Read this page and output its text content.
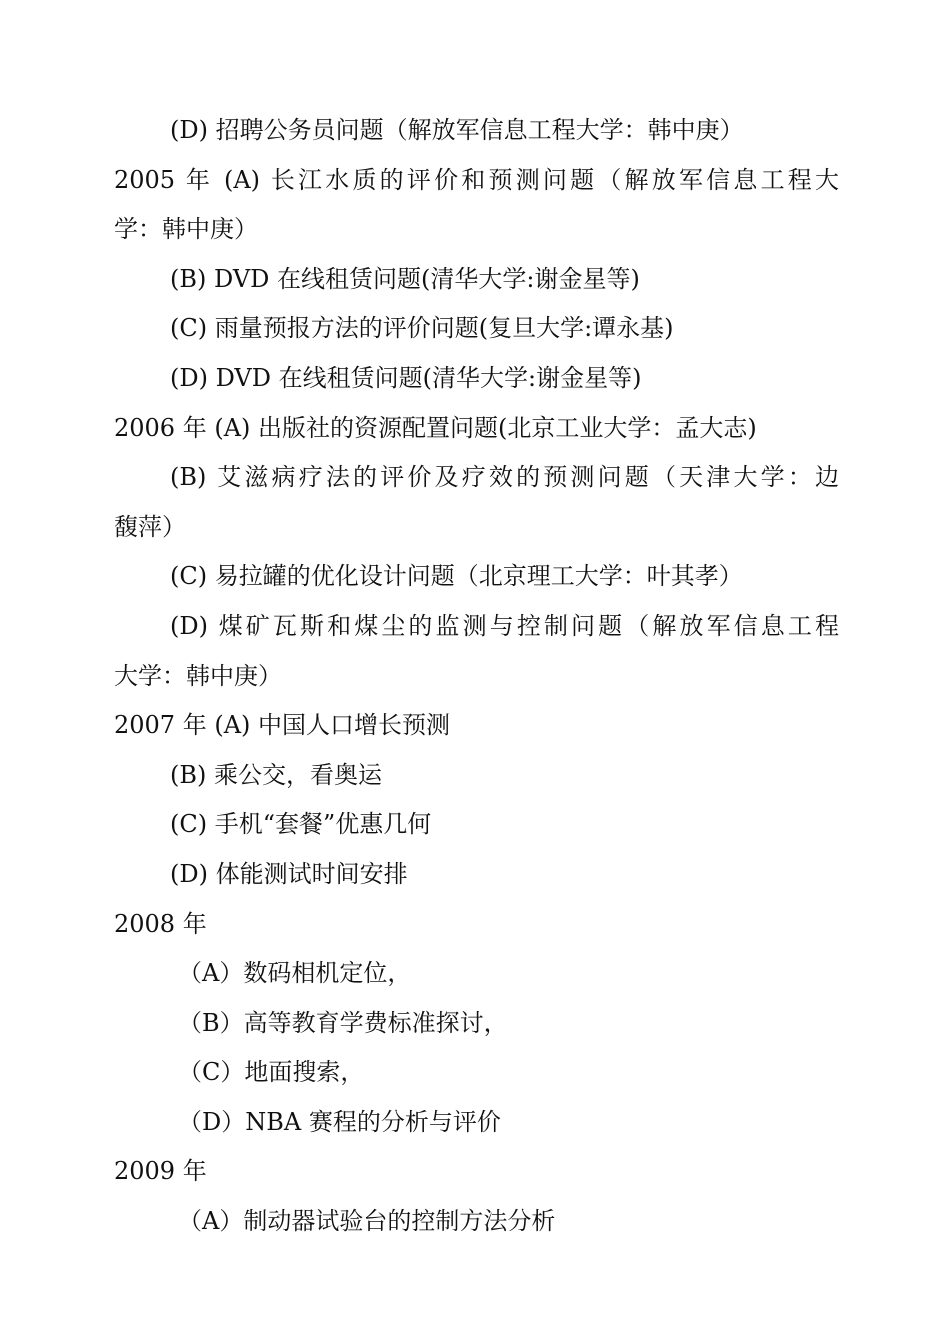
(D) 招聘公务员问题（解放军信息工程大学：韩中庚）
2005 年 (A) 长江水质的评价和预测问题（解放军信息工程大
学：韩中庚）
(B) DVD 在线租赁问题(清华大学:谢金星等)
(C) 雨量预报方法的评价问题(复旦大学:谭永基)
(D) DVD 在线租赁问题(清华大学:谢金星等)
2006 年 (A) 出版社的资源配置问题(北京工业大学：孟大志)
(B) 艾滋病疗法的评价及疗效的预测问题（天津大学：边
馥萍）
(C) 易拉罐的优化设计问题（北京理工大学：叶其孝）
(D) 煤矿瓦斯和煤尘的监测与控制问题（解放军信息工程
大学：韩中庚）
2007 年 (A) 中国人口增长预测
(B) 乘公交，看奥运
(C) 手机“套餐”优惠几何
(D) 体能测试时间安排
2008 年
（A）数码相机定位，
（B）高等教育学费标准探讨，
（C）地面搜索，
（D）NBA 赛程的分析与评价
2009 年
（A）制动器试验台的控制方法分析
